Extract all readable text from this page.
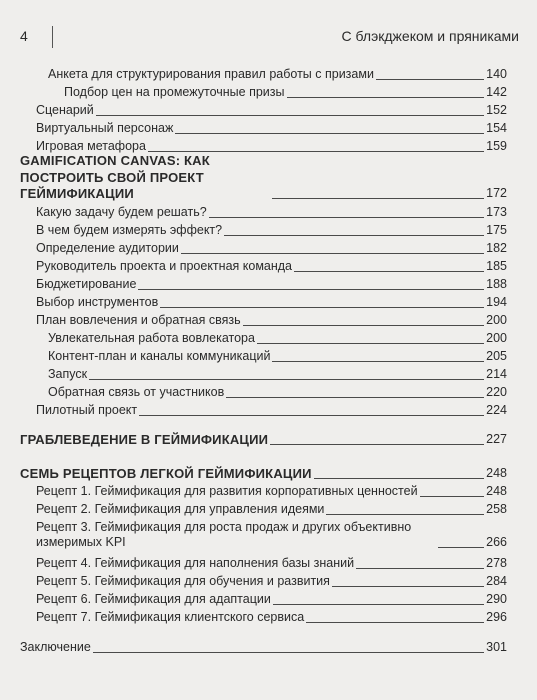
4	С блэкджеком и пряниками
Анкета для структурирования правил работы с призами	140
Подбор цен на промежуточные призы	142
Сценарий	152
Виртуальный персонаж	154
Игровая метафора	159
GAMIFICATION CANVAS: КАК ПОСТРОИТЬ СВОЙ ПРОЕКТ ГЕЙМИФИКАЦИИ	172
Какую задачу будем решать?	173
В чем будем измерять эффект?	175
Определение аудитории	182
Руководитель проекта и проектная команда	185
Бюджетирование	188
Выбор инструментов	194
План вовлечения и обратная связь	200
Увлекательная работа вовлекатора	200
Контент-план и каналы коммуникаций	205
Запуск	214
Обратная связь от участников	220
Пилотный проект	224
ГРАБЛЕВЕДЕНИЕ В ГЕЙМИФИКАЦИИ	227
СЕМЬ РЕЦЕПТОВ ЛЕГКОЙ ГЕЙМИФИКАЦИИ	248
Рецепт 1. Геймификация для развития корпоративных ценностей	248
Рецепт 2. Геймификация для управления идеями	258
Рецепт 3. Геймификация для роста продаж и других объективно измеримых KPI	266
Рецепт 4. Геймификация для наполнения базы знаний	278
Рецепт 5. Геймификация для обучения и развития	284
Рецепт 6. Геймификация для адаптации	290
Рецепт 7. Геймификация клиентского сервиса	296
Заключение	301
